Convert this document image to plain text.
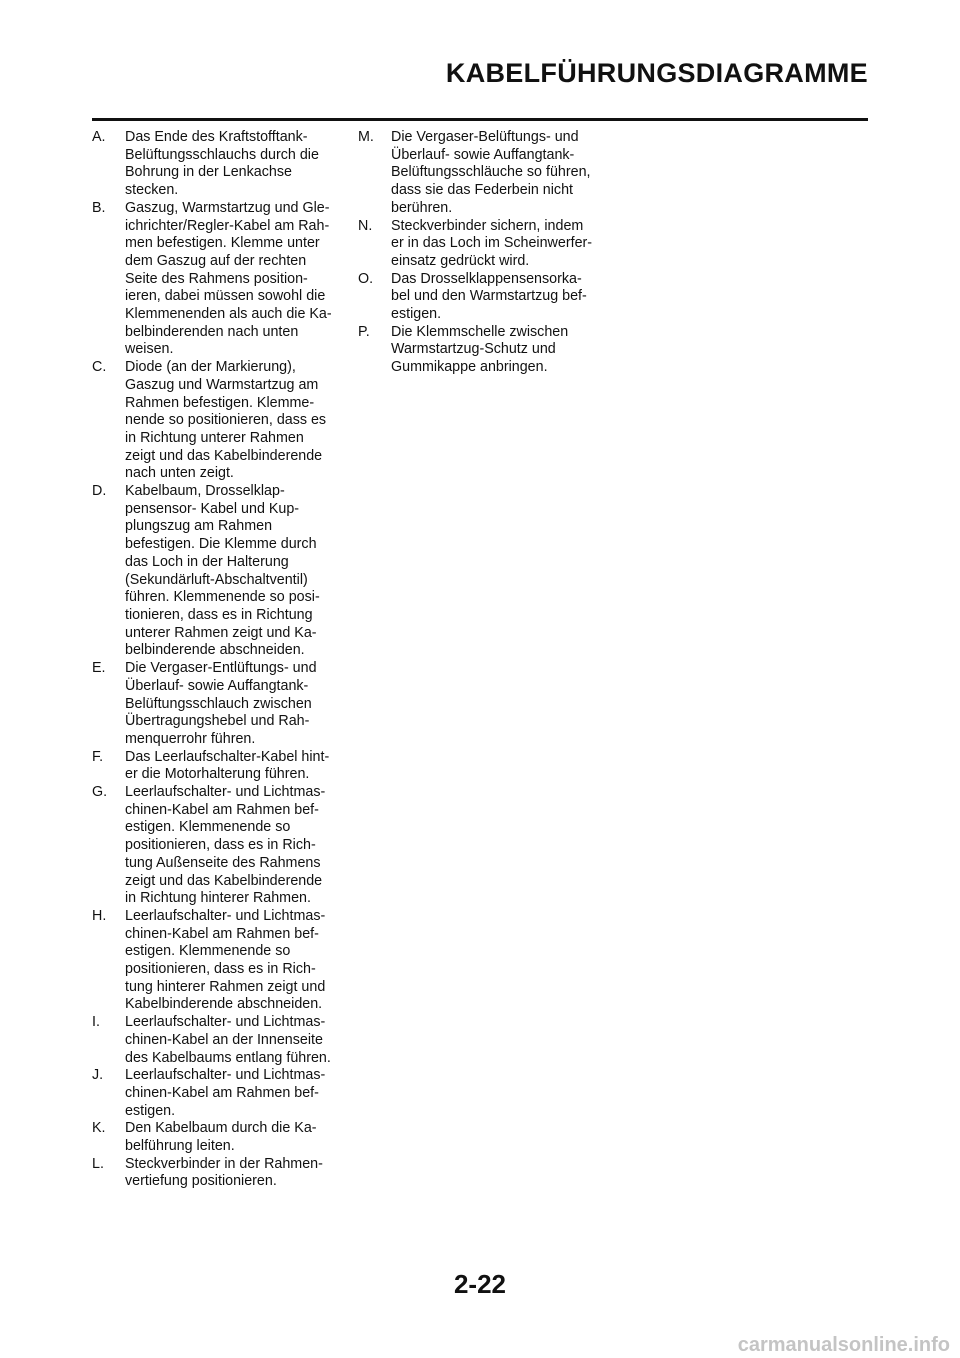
KABELFÜHRUNGSDIAGRAMME
A.	Das Ende des Kraftstofftank-
Belüftungsschlauchs durch die
Bohrung in der Lenkachse
stecken.
B.	Gaszug, Warmstartzug und Gle-
ichrichter/Regler-Kabel am Rah-
men befestigen. Klemme unter
dem Gaszug auf der rechten
Seite des Rahmens position-
ieren, dabei müssen sowohl die
Klemmenenden als auch die Ka-
belbinderenden nach unten
weisen.
C.	Diode (an der Markierung),
Gaszug und Warmstartzug am
Rahmen befestigen. Klemme-
nende so positionieren, dass es
in Richtung unterer Rahmen
zeigt und das Kabelbinderende
nach unten zeigt.
D.	Kabelbaum, Drosselklap-
pensensor- Kabel und Kup-
plungszug am Rahmen
befestigen. Die Klemme durch
das Loch in der Halterung
(Sekundärluft-Abschaltventil)
führen. Klemmenende so posi-
tionieren, dass es in Richtung
unterer Rahmen zeigt und Ka-
belbinderende abschneiden.
E.	Die Vergaser-Entlüftungs- und
Überlauf- sowie Auffangtank-
Belüftungsschlauch zwischen
Übertragungshebel und Rah-
menquerrohr führen.
F.	Das Leerlaufschalter-Kabel hint-
er die Motorhalterung führen.
G.	Leerlaufschalter- und Lichtmas-
chinen-Kabel am Rahmen bef-
estigen. Klemmenende so
positionieren, dass es in Rich-
tung Außenseite des Rahmens
zeigt und das Kabelbinderende
in Richtung hinterer Rahmen.
H.	Leerlaufschalter- und Lichtmas-
chinen-Kabel am Rahmen bef-
estigen. Klemmenende so
positionieren, dass es in Rich-
tung hinterer Rahmen zeigt und
Kabelbinderende abschneiden.
I.	Leerlaufschalter- und Lichtmas-
chinen-Kabel an der Innenseite
des Kabelbaums entlang führen.
J.	Leerlaufschalter- und Lichtmas-
chinen-Kabel am Rahmen bef-
estigen.
K.	Den Kabelbaum durch die Ka-
belführung leiten.
L.	Steckverbinder in der Rahmen-
vertiefung positionieren.
M.	Die Vergaser-Belüftungs- und
Überlauf- sowie Auffangtank-
Belüftungsschläuche so führen,
dass sie das Federbein nicht
berühren.
N.	Steckverbinder sichern, indem
er in das Loch im Scheinwerfer-
einsatz gedrückt wird.
O.	Das Drosselklappensensorka-
bel und den Warmstartzug bef-
estigen.
P.	Die Klemmschelle zwischen
Warmstartzug-Schutz und
Gummikappe anbringen.

2-22

carmanualsonline.info
